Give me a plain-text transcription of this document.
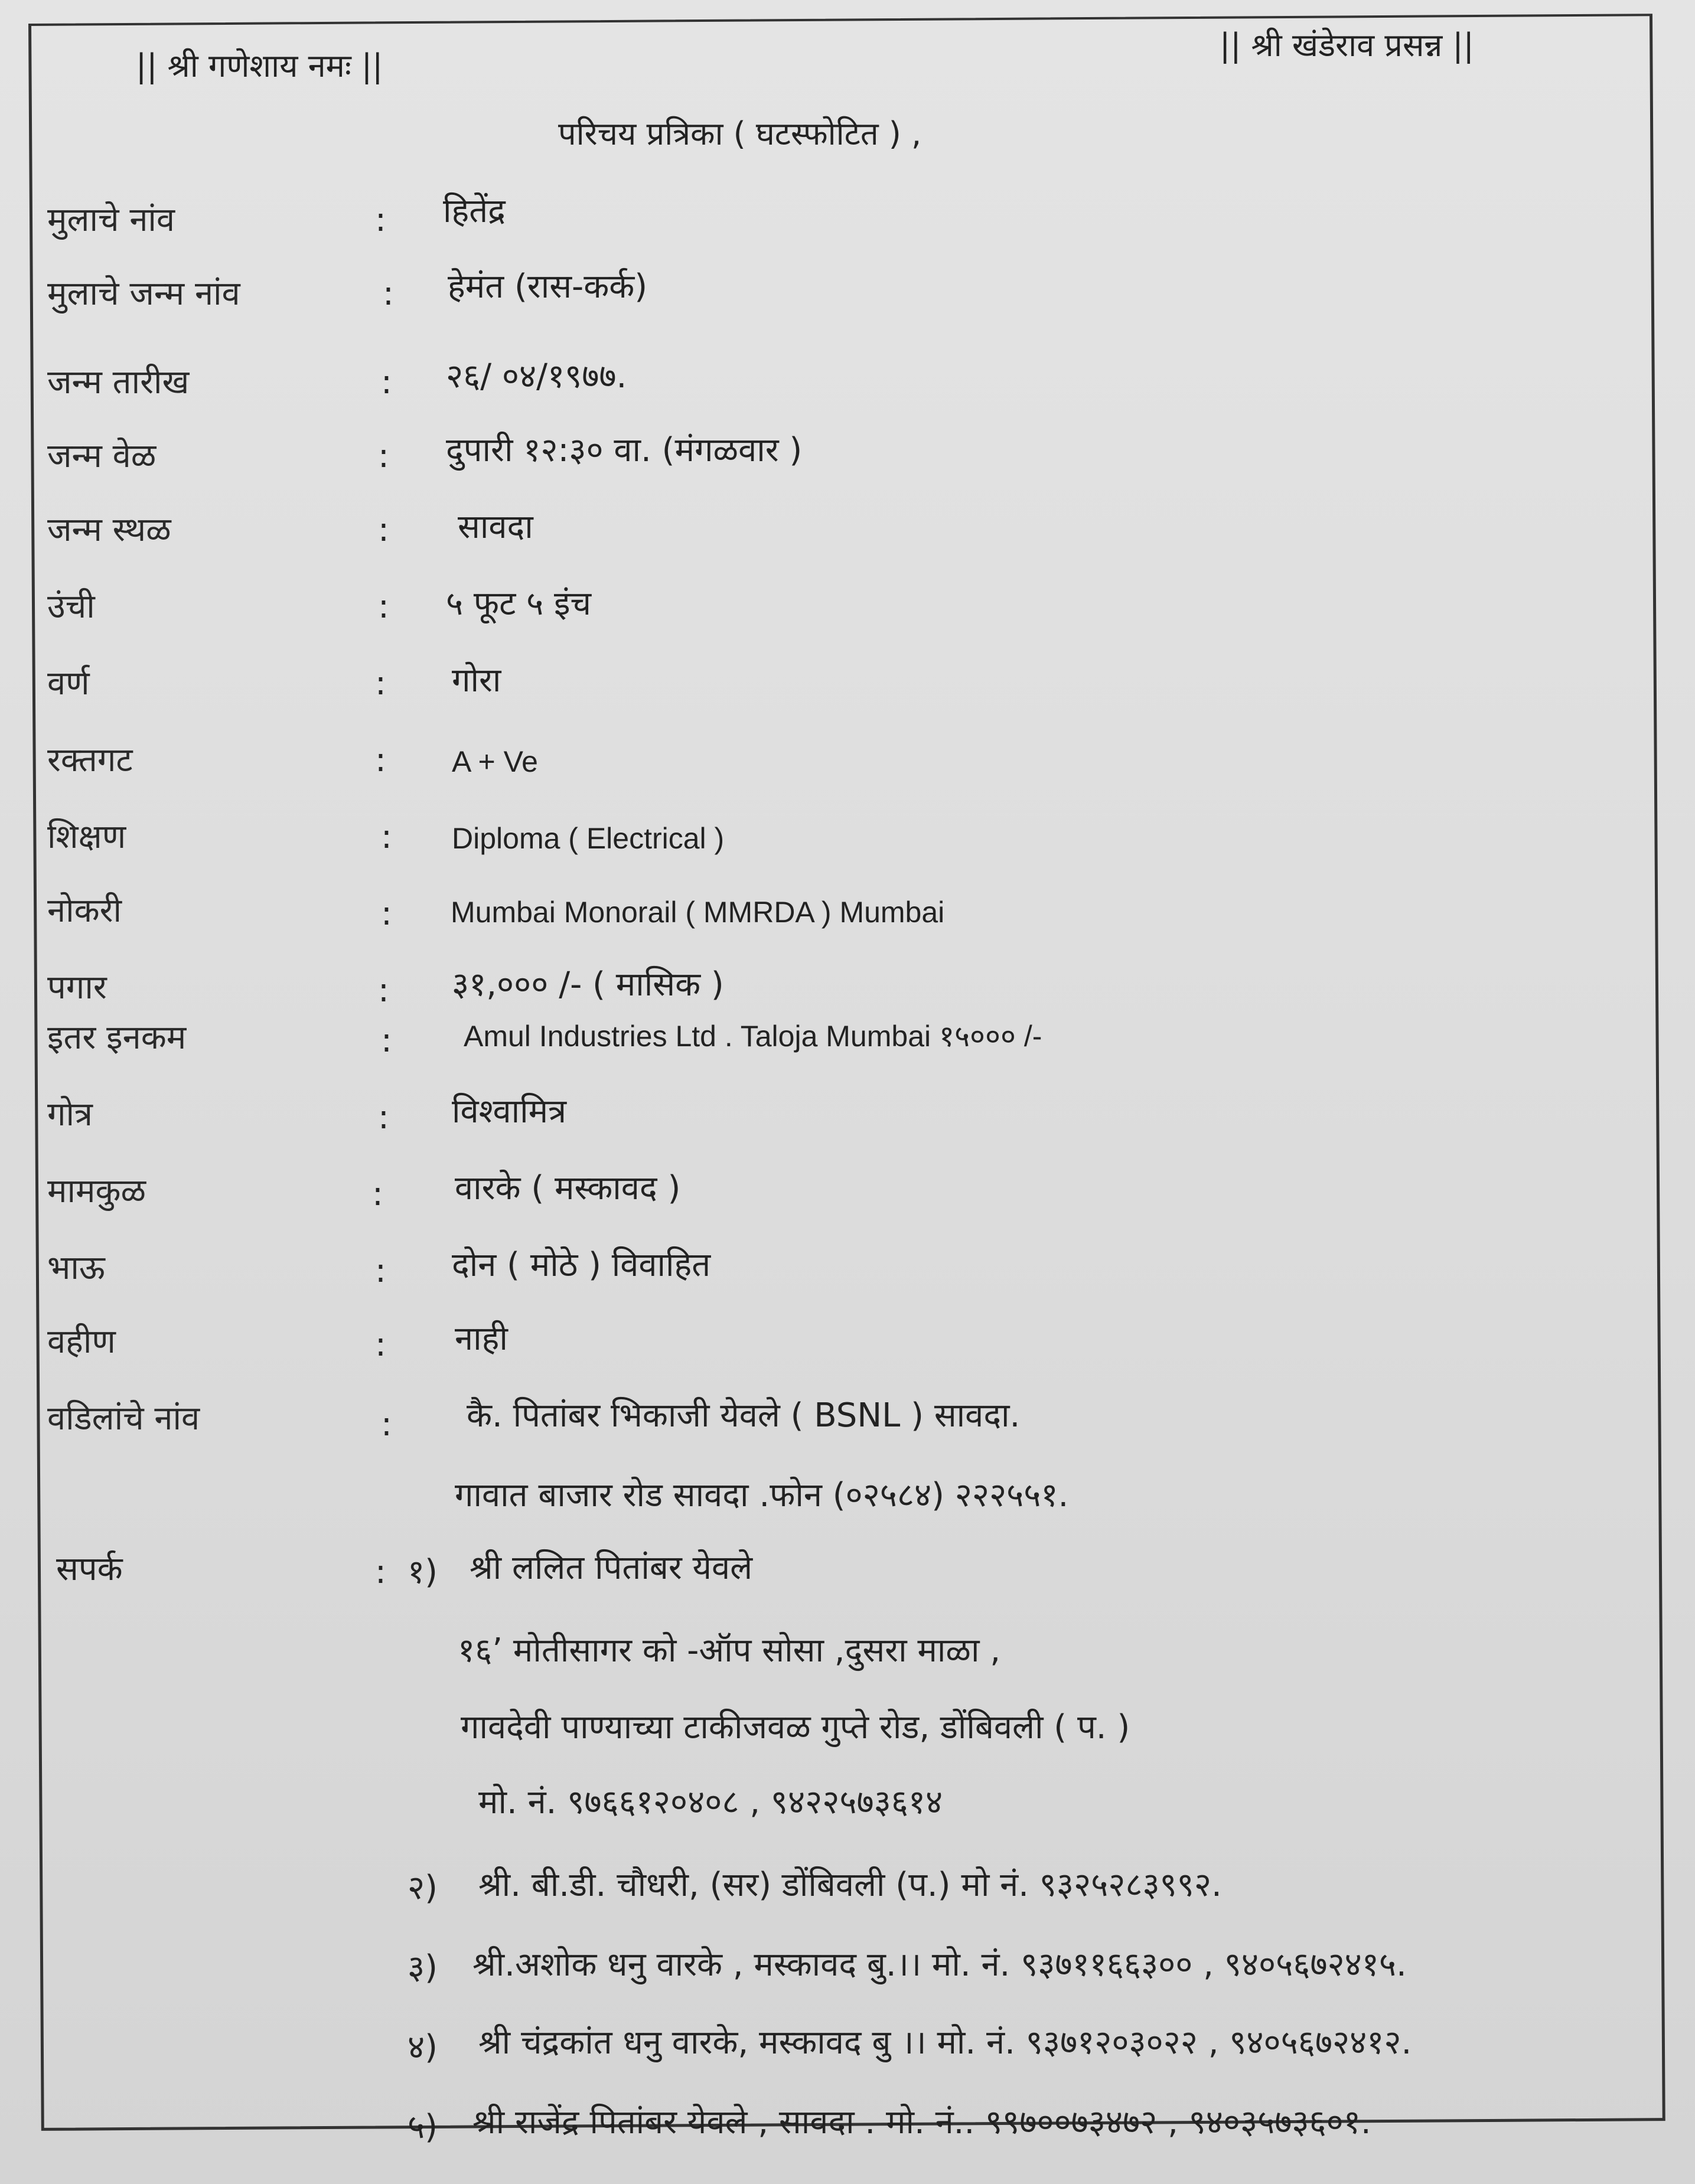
|| श्री गणेशाय नमः ||
|| श्री खंडेराव प्रसन्न ||
परिचय प्रत्रिका ( घटस्फोटित ) ,
मुलाचे नांव	: हितेंद्र
मुलाचे जन्म नांव	: हेमंत (रास-कर्क)
जन्म तारीख	: २६/ ०४/१९७७.
जन्म वेळ	: दुपारी १२:३० वा. (मंगळवार )
जन्म स्थळ	: सावदा
उंची	: ५ फूट ५ इंच
वर्ण	: गोरा
रक्तगट	: A + Ve
शिक्षण	: Diploma ( Electrical )
नोकरी	: Mumbai Monorail ( MMRDA ) Mumbai
पगार	: ३१,००० /- ( मासिक )
इतर इनकम	: Amul Industries Ltd . Taloja Mumbai १५००० /-
गोत्र	: विश्वामित्र
मामकुळ	: वारके ( मस्कावद )
भाऊ	: दोन ( मोठे ) विवाहित
वहीण	: नाही
वडिलांचे नांव	: कै. पितांबर भिकाजी येवले ( BSNL ) सावदा.
गावात बाजार रोड सावदा .फोन (०२५८४) २२२५५१.
सपर्क	: १) श्री ललित पितांबर येवले
१६’ मोतीसागर को -ऑप सोसा ,दुसरा माळा ,
गावदेवी पाण्याच्या टाकीजवळ गुप्ते रोड, डोंबिवली ( प. )
मो. नं. ९७६६१२०४०८ , ९४२२५७३६१४
२) श्री. बी.डी. चौधरी, (सर) डोंबिवली (प.) मो नं. ९३२५२८३९९२.
३) श्री.अशोक धनु वारके , मस्कावद बु.।। मो. नं. ९३७११६६३०० , ९४०५६७२४१५.
४) श्री चंद्रकांत धनु वारके, मस्कावद बु ।। मो. नं. ९३७१२०३०२२ , ९४०५६७२४१२.
५) श्री राजेंद्र पितांबर येवले , सावदा . मो. नं.. ९९७००७३४७२ , ९४०३५७३६०१.
